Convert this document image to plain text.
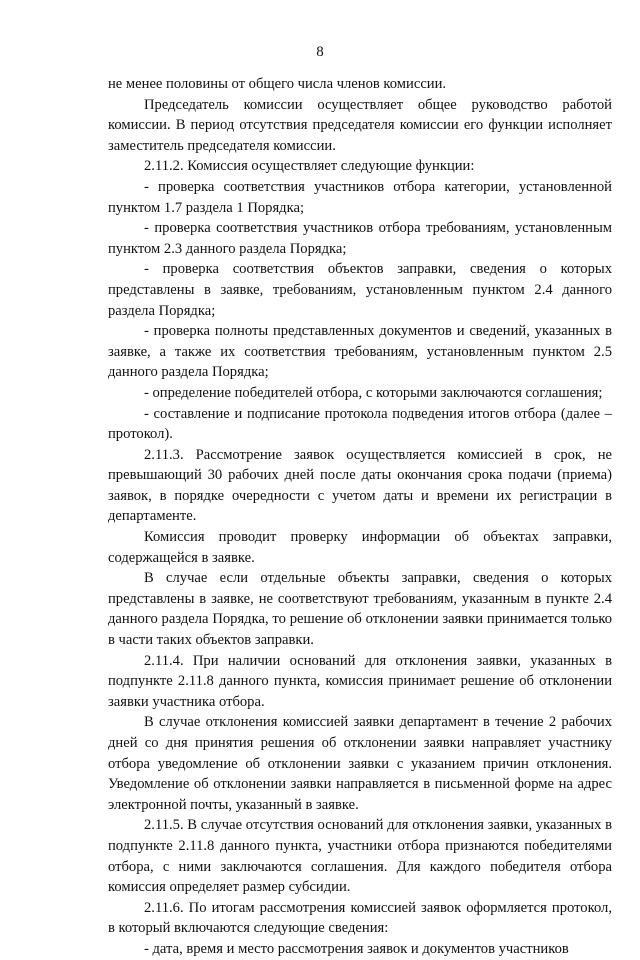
8

не менее половины от общего числа членов комиссии.

Председатель комиссии осуществляет общее руководство работой комиссии. В период отсутствия председателя комиссии его функции исполняет заместитель председателя комиссии.

2.11.2. Комиссия осуществляет следующие функции:

- проверка соответствия участников отбора категории, установленной пунктом 1.7 раздела 1 Порядка;

- проверка соответствия участников отбора требованиям, установленным пунктом 2.3 данного раздела Порядка;

- проверка соответствия объектов заправки, сведения о которых представлены в заявке, требованиям, установленным пунктом 2.4 данного раздела Порядка;

- проверка полноты представленных документов и сведений, указанных в заявке, а также их соответствия требованиям, установленным пунктом 2.5 данного раздела Порядка;

- определение победителей отбора, с которыми заключаются соглашения;

- составление и подписание протокола подведения итогов отбора (далее – протокол).

2.11.3. Рассмотрение заявок осуществляется комиссией в срок, не превышающий 30 рабочих дней после даты окончания срока подачи (приема) заявок, в порядке очередности с учетом даты и времени их регистрации в департаменте.

Комиссия проводит проверку информации об объектах заправки, содержащейся в заявке.

В случае если отдельные объекты заправки, сведения о которых представлены в заявке, не соответствуют требованиям, указанным в пункте 2.4 данного раздела Порядка, то решение об отклонении заявки принимается только в части таких объектов заправки.

2.11.4. При наличии оснований для отклонения заявки, указанных в подпункте 2.11.8 данного пункта, комиссия принимает решение об отклонении заявки участника отбора.

В случае отклонения комиссией заявки департамент в течение 2 рабочих дней со дня принятия решения об отклонении заявки направляет участнику отбора уведомление об отклонении заявки с указанием причин отклонения. Уведомление об отклонении заявки направляется в письменной форме на адрес электронной почты, указанный в заявке.

2.11.5. В случае отсутствия оснований для отклонения заявки, указанных в подпункте 2.11.8 данного пункта, участники отбора признаются победителями отбора, с ними заключаются соглашения. Для каждого победителя отбора комиссия определяет размер субсидии.

2.11.6. По итогам рассмотрения комиссией заявок оформляется протокол, в который включаются следующие сведения:

- дата, время и место рассмотрения заявок и документов участников
